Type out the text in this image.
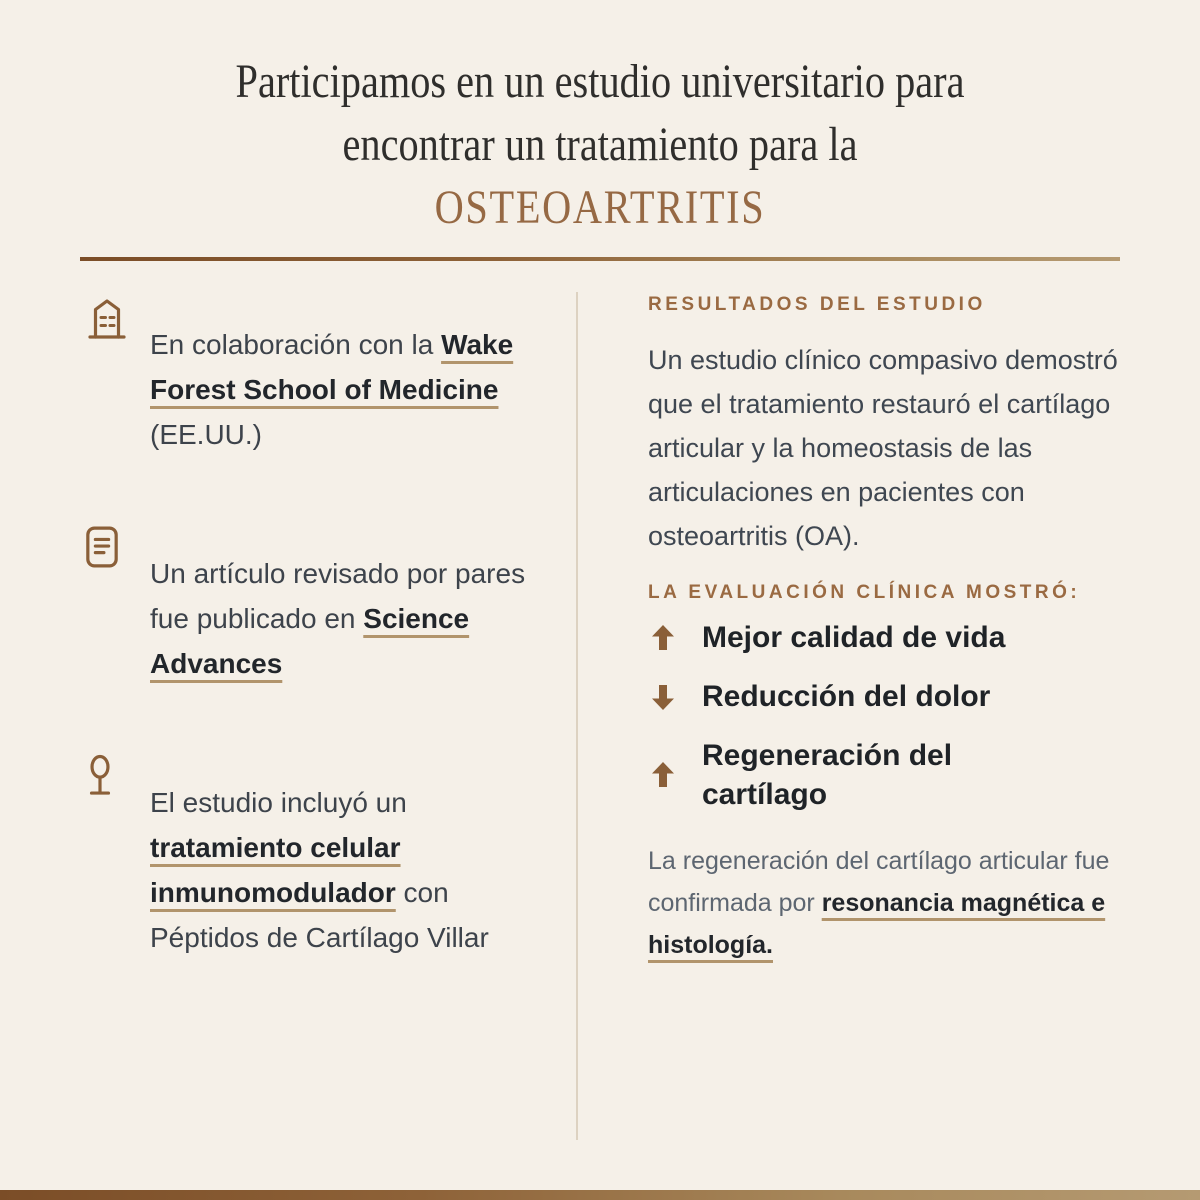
Participamos en un estudio universitario para
encontrar un tratamiento para la
OSTEOARTRITIS

En colaboración con la Wake Forest School of Medicine (EE.UU.)

Un artículo revisado por pares fue publicado en Science Advances

El estudio incluyó un tratamiento celular inmunomodulador con Péptidos de Cartílago Villar

RESULTADOS DEL ESTUDIO

Un estudio clínico compasivo demostró que el tratamiento restauró el cartílago articular y la homeostasis de las articulaciones en pacientes con osteoartritis (OA).

LA EVALUACIÓN CLÍNICA MOSTRÓ:

Mejor calidad de vida
Reducción del dolor
Regeneración del cartílago

La regeneración del cartílago articular fue confirmada por resonancia magnética e histología.
